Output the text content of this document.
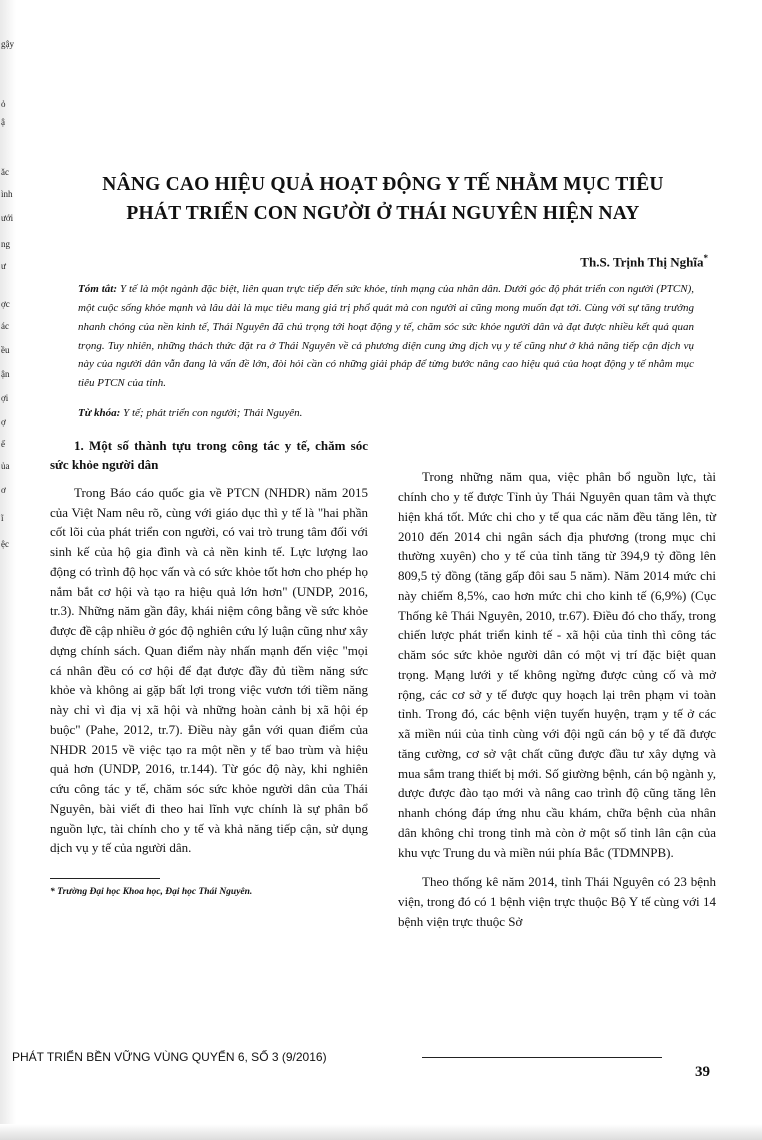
gậy
ỏ
ậ
ăc
ình
ưới
ng
ư
ợc
ác
ều
ận
ợi
ợ
ế
ủa
ơ
ĩ
ệc
NÂNG CAO HIỆU QUẢ HOẠT ĐỘNG Y TẾ NHẰM MỤC TIÊU
PHÁT TRIỂN CON NGƯỜI Ở THÁI NGUYÊN HIỆN NAY
Th.S. Trịnh Thị Nghĩa*
Tóm tắt: Y tế là một ngành đặc biệt, liên quan trực tiếp đến sức khỏe, tính mạng của nhân dân. Dưới góc độ phát triển con người (PTCN), một cuộc sống khỏe mạnh và lâu dài là mục tiêu mang giá trị phổ quát mà con người ai cũng mong muốn đạt tới. Cùng với sự tăng trưởng nhanh chóng của nền kinh tế, Thái Nguyên đã chú trọng tới hoạt động y tế, chăm sóc sức khỏe người dân và đạt được nhiều kết quả quan trọng. Tuy nhiên, những thách thức đặt ra ở Thái Nguyên về cả phương diện cung ứng dịch vụ y tế cũng như ở khả năng tiếp cận dịch vụ này của người dân vẫn đang là vấn đề lớn, đòi hỏi cần có những giải pháp để từng bước nâng cao hiệu quả của hoạt động y tế nhằm mục tiêu PTCN của tỉnh.
Từ khóa: Y tế; phát triển con người; Thái Nguyên.
1. Một số thành tựu trong công tác y tế, chăm sóc sức khỏe người dân

Trong Báo cáo quốc gia về PTCN (NHDR) năm 2015 của Việt Nam nêu rõ, cùng với giáo dục thì y tế là "hai phần cốt lõi của phát triển con người, có vai trò trung tâm đối với sinh kế của hộ gia đình và cả nền kinh tế. Lực lượng lao động có trình độ học vấn và có sức khỏe tốt hơn cho phép họ nắm bắt cơ hội và tạo ra hiệu quả lớn hơn" (UNDP, 2016, tr.3). Những năm gần đây, khái niệm công bằng về sức khỏe được đề cập nhiều ở góc độ nghiên cứu lý luận cũng như xây dựng chính sách. Quan điểm này nhấn mạnh đến việc "mọi cá nhân đều có cơ hội để đạt được đầy đủ tiềm năng sức khỏe và không ai gặp bất lợi trong việc vươn tới tiềm năng này chỉ vì địa vị xã hội và những hoàn cảnh bị xã hội ép buộc" (Pahe, 2012, tr.7). Điều này gắn với quan điểm của NHDR 2015 về việc tạo ra một nền y tế bao trùm và hiệu quả hơn (UNDP, 2016, tr.144). Từ góc độ này, khi nghiên cứu công tác y tế, chăm sóc sức khỏe người dân của Thái Nguyên, bài viết đi theo hai lĩnh vực chính là sự phân bổ nguồn lực, tài chính cho y tế và khả năng tiếp cận, sử dụng dịch vụ y tế của người dân.

* Trường Đại học Khoa học, Đại học Thái Nguyên.

Trong những năm qua, việc phân bổ nguồn lực, tài chính cho y tế được Tỉnh ủy Thái Nguyên quan tâm và thực hiện khá tốt. Mức chi cho y tế qua các năm đều tăng lên, từ 2010 đến 2014 chi ngân sách địa phương (trong mục chi thường xuyên) cho y tế của tỉnh tăng từ 394,9 tỷ đồng lên 809,5 tỷ đồng (tăng gấp đôi sau 5 năm). Năm 2014 mức chi này chiếm 8,5%, cao hơn mức chi cho kinh tế (6,9%) (Cục Thống kê Thái Nguyên, 2010, tr.67). Điều đó cho thấy, trong chiến lược phát triển kinh tế - xã hội của tỉnh thì công tác chăm sóc sức khỏe người dân có một vị trí đặc biệt quan trọng. Mạng lưới y tế không ngừng được củng cố và mở rộng, các cơ sở y tế được quy hoạch lại trên phạm vi toàn tỉnh. Trong đó, các bệnh viện tuyến huyện, trạm y tế ở các xã miền núi của tỉnh cùng với đội ngũ cán bộ y tế đã được tăng cường, cơ sở vật chất cũng được đầu tư xây dựng và mua sắm trang thiết bị mới. Số giường bệnh, cán bộ ngành y, dược được đào tạo mới và nâng cao trình độ cũng tăng lên nhanh chóng đáp ứng nhu cầu khám, chữa bệnh của nhân dân không chỉ trong tỉnh mà còn ở một số tỉnh lân cận của khu vực Trung du và miền núi phía Bắc (TDMNPB).

Theo thống kê năm 2014, tỉnh Thái Nguyên có 23 bệnh viện, trong đó có 1 bệnh viện trực thuộc Bộ Y tế cùng với 14 bệnh viện trực thuộc Sở

PHÁT TRIỂN BỀN VỮNG VÙNG QUYỂN 6, SỐ 3 (9/2016)
39
